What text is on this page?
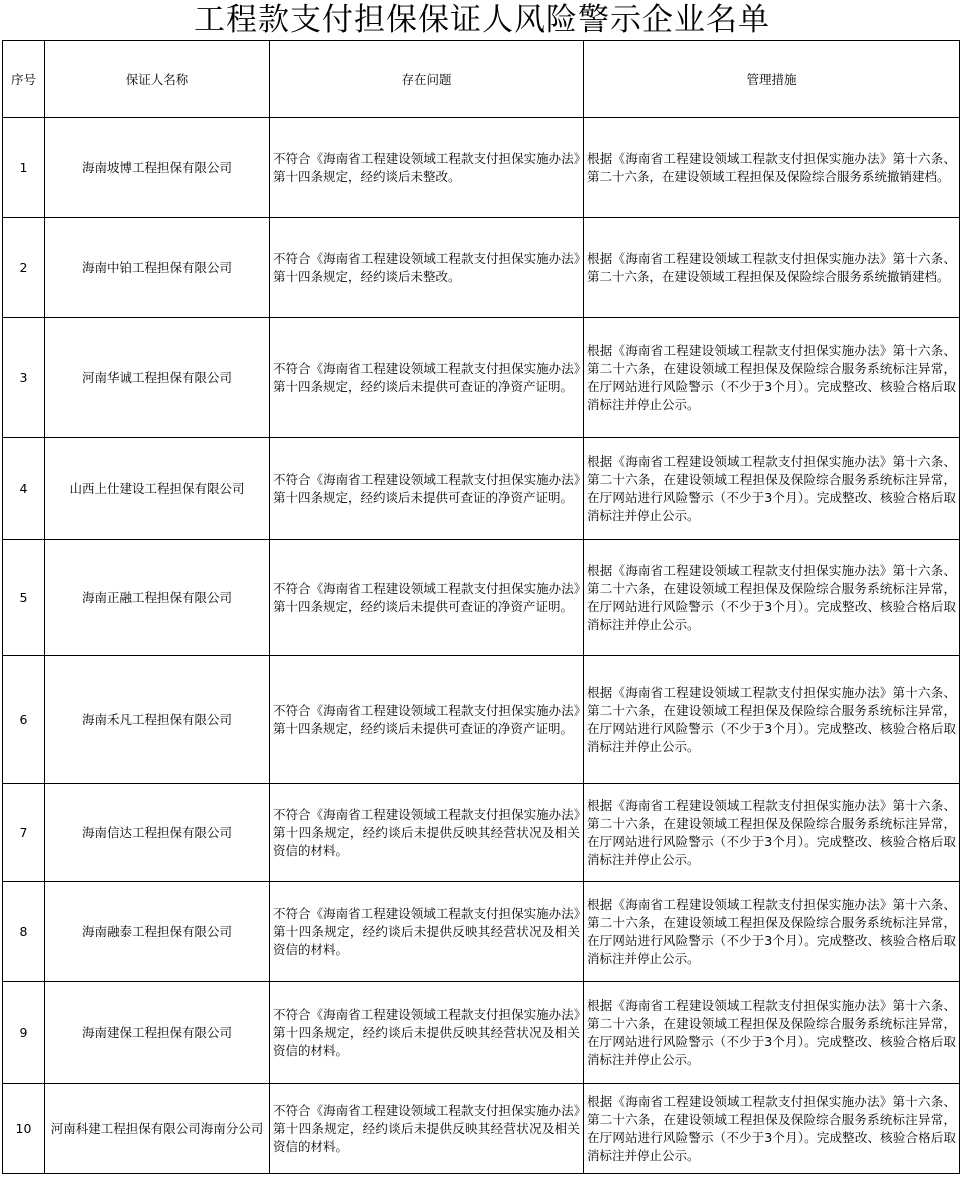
工程款支付担保保证人风险警示企业名单
序号	保证人名称	存在问题	管理措施
1	海南坡博工程担保有限公司	不符合《海南省工程建设领域工程款支付担保实施办法》第十四条规定，经约谈后未整改。	根据《海南省工程建设领域工程款支付担保实施办法》第十六条、第二十六条，在建设领域工程担保及保险综合服务系统撤销建档。
2	海南中铂工程担保有限公司	不符合《海南省工程建设领域工程款支付担保实施办法》第十四条规定，经约谈后未整改。	根据《海南省工程建设领域工程款支付担保实施办法》第十六条、第二十六条，在建设领域工程担保及保险综合服务系统撤销建档。
3	河南华诚工程担保有限公司	不符合《海南省工程建设领域工程款支付担保实施办法》第十四条规定，经约谈后未提供可查证的净资产证明。	根据《海南省工程建设领域工程款支付担保实施办法》第十六条、第二十六条，在建设领域工程担保及保险综合服务系统标注异常，在厅网站进行风险警示（不少于3个月）。完成整改、核验合格后取消标注并停止公示。
4	山西上仕建设工程担保有限公司	不符合《海南省工程建设领域工程款支付担保实施办法》第十四条规定，经约谈后未提供可查证的净资产证明。	根据《海南省工程建设领域工程款支付担保实施办法》第十六条、第二十六条，在建设领域工程担保及保险综合服务系统标注异常，在厅网站进行风险警示（不少于3个月）。完成整改、核验合格后取消标注并停止公示。
5	海南正融工程担保有限公司	不符合《海南省工程建设领域工程款支付担保实施办法》第十四条规定，经约谈后未提供可查证的净资产证明。	根据《海南省工程建设领域工程款支付担保实施办法》第十六条、第二十六条，在建设领域工程担保及保险综合服务系统标注异常，在厅网站进行风险警示（不少于3个月）。完成整改、核验合格后取消标注并停止公示。
6	海南禾凡工程担保有限公司	不符合《海南省工程建设领域工程款支付担保实施办法》第十四条规定，经约谈后未提供可查证的净资产证明。	根据《海南省工程建设领域工程款支付担保实施办法》第十六条、第二十六条，在建设领域工程担保及保险综合服务系统标注异常，在厅网站进行风险警示（不少于3个月）。完成整改、核验合格后取消标注并停止公示。
7	海南信达工程担保有限公司	不符合《海南省工程建设领域工程款支付担保实施办法》第十四条规定，经约谈后未提供反映其经营状况及相关资信的材料。	根据《海南省工程建设领域工程款支付担保实施办法》第十六条、第二十六条，在建设领域工程担保及保险综合服务系统标注异常，在厅网站进行风险警示（不少于3个月）。完成整改、核验合格后取消标注并停止公示。
8	海南融泰工程担保有限公司	不符合《海南省工程建设领域工程款支付担保实施办法》第十四条规定，经约谈后未提供反映其经营状况及相关资信的材料。	根据《海南省工程建设领域工程款支付担保实施办法》第十六条、第二十六条，在建设领域工程担保及保险综合服务系统标注异常，在厅网站进行风险警示（不少于3个月）。完成整改、核验合格后取消标注并停止公示。
9	海南建保工程担保有限公司	不符合《海南省工程建设领域工程款支付担保实施办法》第十四条规定，经约谈后未提供反映其经营状况及相关资信的材料。	根据《海南省工程建设领域工程款支付担保实施办法》第十六条、第二十六条，在建设领域工程担保及保险综合服务系统标注异常，在厅网站进行风险警示（不少于3个月）。完成整改、核验合格后取消标注并停止公示。
10	河南科建工程担保有限公司海南分公司	不符合《海南省工程建设领域工程款支付担保实施办法》第十四条规定，经约谈后未提供反映其经营状况及相关资信的材料。	根据《海南省工程建设领域工程款支付担保实施办法》第十六条、第二十六条，在建设领域工程担保及保险综合服务系统标注异常，在厅网站进行风险警示（不少于3个月）。完成整改、核验合格后取消标注并停止公示。
